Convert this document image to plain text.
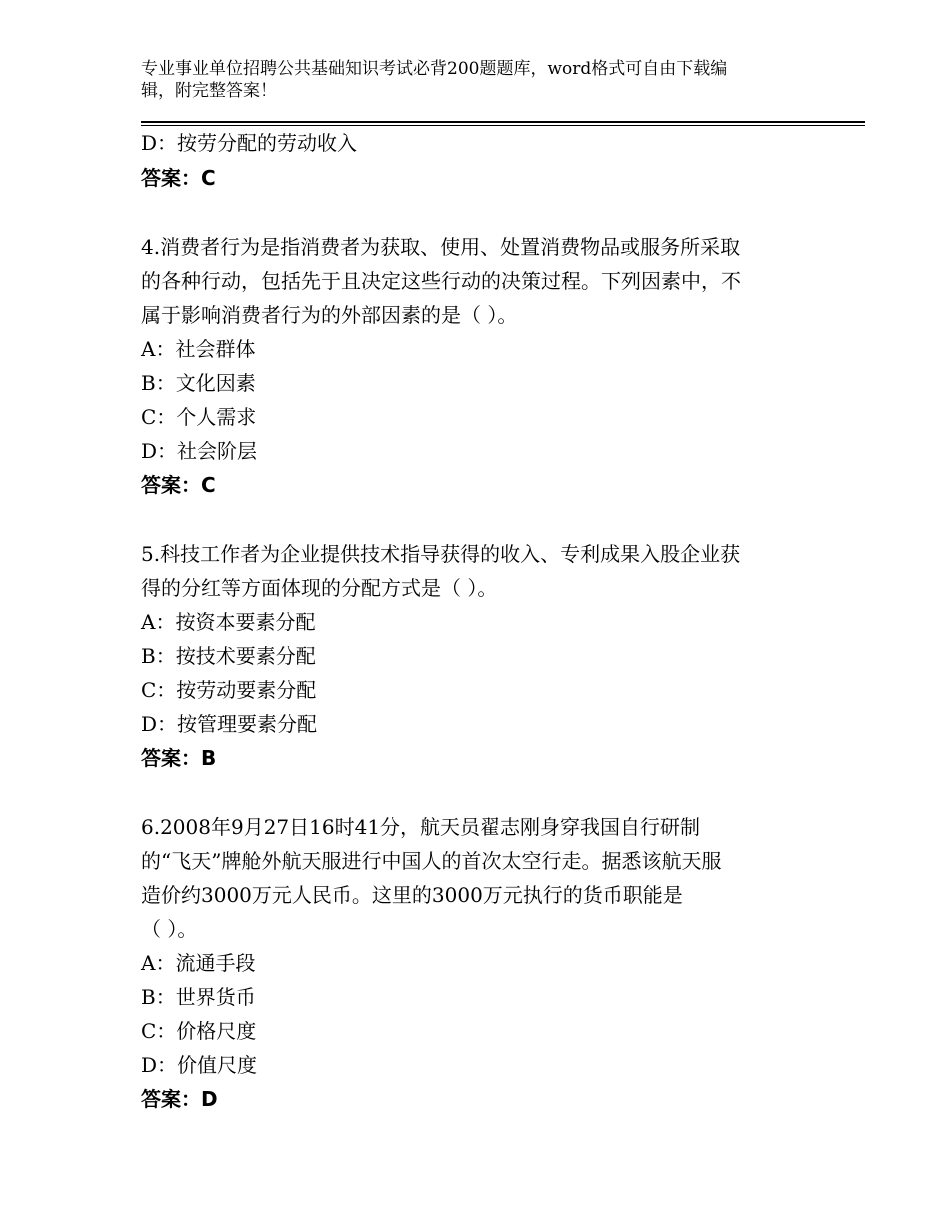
专业事业单位招聘公共基础知识考试必背200题题库，word格式可自由下载编
辑，附完整答案！
D：按劳分配的劳动收入
答案：C
4.消费者行为是指消费者为获取、使用、处置消费物品或服务所采取
的各种行动，包括先于且决定这些行动的决策过程。下列因素中，不
属于影响消费者行为的外部因素的是（ ）。
A：社会群体
B：文化因素
C：个人需求
D：社会阶层
答案：C
5.科技工作者为企业提供技术指导获得的收入、专利成果入股企业获
得的分红等方面体现的分配方式是（ ）。
A：按资本要素分配
B：按技术要素分配
C：按劳动要素分配
D：按管理要素分配
答案：B
6.2008年9月27日16时41分，航天员翟志刚身穿我国自行研制
的“飞天”牌舱外航天服进行中国人的首次太空行走。据悉该航天服
造价约3000万元人民币。这里的3000万元执行的货币职能是
（ ）。
A：流通手段
B：世界货币
C：价格尺度
D：价值尺度
答案：D
